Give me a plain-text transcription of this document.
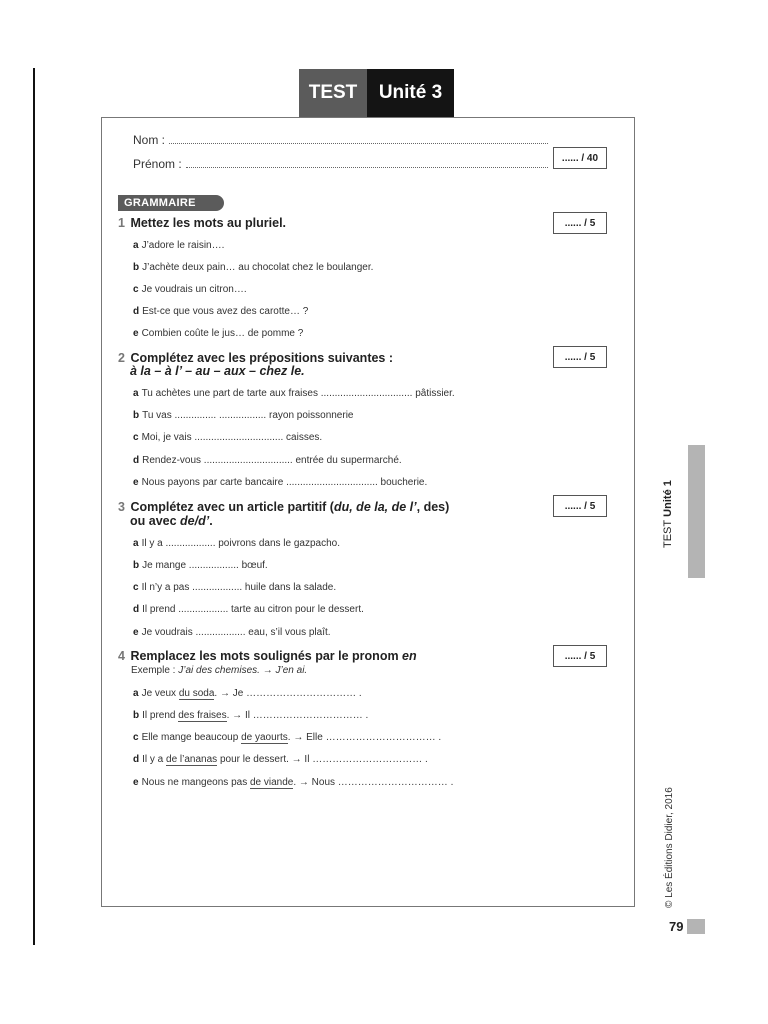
TEST	Unité 3
Nom :
Prénom :	...... / 40
GRAMMAIRE
1 Mettez les mots au pluriel.	...... / 5
a J’adore le raisin….
b J’achète deux pain… au chocolat chez le boulanger.
c Je voudrais un citron….
d Est-ce que vous avez des carotte… ?
e Combien coûte le jus… de pomme ?
2 Complétez avec les prépositions suivantes :
à la – à l’ – au – aux – chez le.
...... / 5
a Tu achètes une part de tarte aux fraises ................................. pâtissier.
b Tu vas ............... ................. rayon poissonnerie
c Moi, je vais ................................ caisses.
d Rendez-vous ................................ entrée du supermarché.
e Nous payons par carte bancaire ................................. boucherie.
3 Complétez avec un article partitif (du, de la, de l’, des)
ou avec de/d’.
...... / 5
a Il y a .................. poivrons dans le gazpacho.
b Je mange .................. bœuf.
c Il n’y a pas .................. huile dans la salade.
d Il prend .................. tarte au citron pour le dessert.
e Je voudrais .................. eau, s’il vous plaît.
4 Remplacez les mots soulignés par le pronom en
Exemple : J’ai des chemises. → J’en ai.
...... / 5
a Je veux du soda. → Je …………………………… .
b Il prend des fraises. → Il …………………………… .
c Elle mange beaucoup de yaourts. → Elle …………………………… .
d Il y a de l’ananas pour le dessert. → Il …………………………… .
e Nous ne mangeons pas de viande. → Nous …………………………… .
TEST Unité 1
© Les Éditions Didier, 2016
79
